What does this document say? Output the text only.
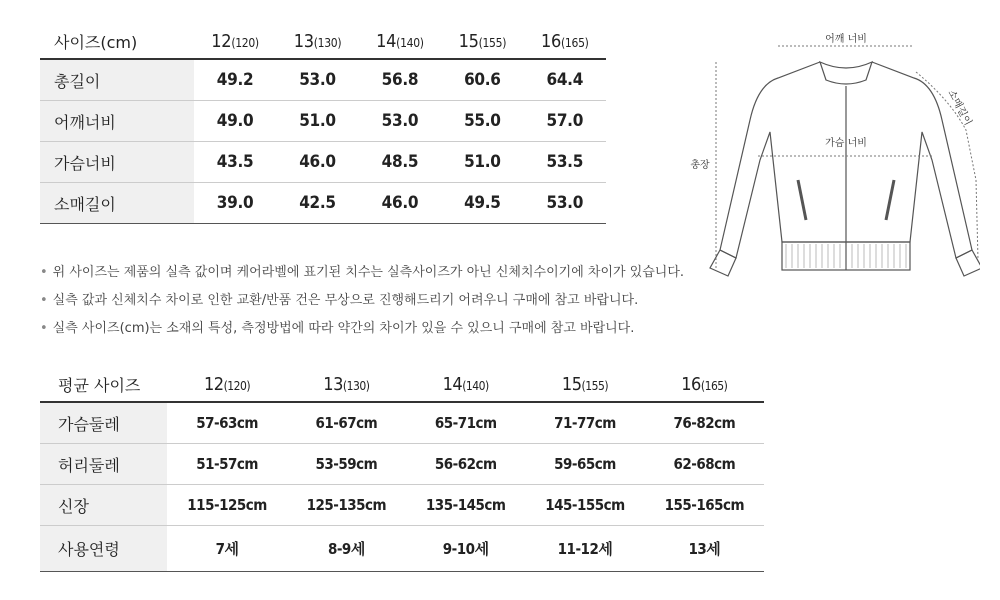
사이즈(cm)	12(120)	13(130)	14(140)	15(155)	16(165)
총길이	49.2	53.0	56.8	60.6	64.4
어깨너비	49.0	51.0	53.0	55.0	57.0
가슴너비	43.5	46.0	48.5	51.0	53.5
소매길이	39.0	42.5	46.0	49.5	53.0
어깨 너비
가슴 너비
총장
소매길이
• 위 사이즈는 제품의 실측 값이며 케어라벨에 표기된 치수는 실측사이즈가 아닌 신체치수이기에 차이가 있습니다.
• 실측 값과 신체치수 차이로 인한 교환/반품 건은 무상으로 진행해드리기 어려우니 구매에 참고 바랍니다.
• 실측 사이즈(cm)는 소재의 특성, 측정방법에 따라 약간의 차이가 있을 수 있으니 구매에 참고 바랍니다.
평균 사이즈	12(120)	13(130)	14(140)	15(155)	16(165)
가슴둘레	57-63cm	61-67cm	65-71cm	71-77cm	76-82cm
허리둘레	51-57cm	53-59cm	56-62cm	59-65cm	62-68cm
신장	115-125cm	125-135cm	135-145cm	145-155cm	155-165cm
사용연령	7세	8-9세	9-10세	11-12세	13세
